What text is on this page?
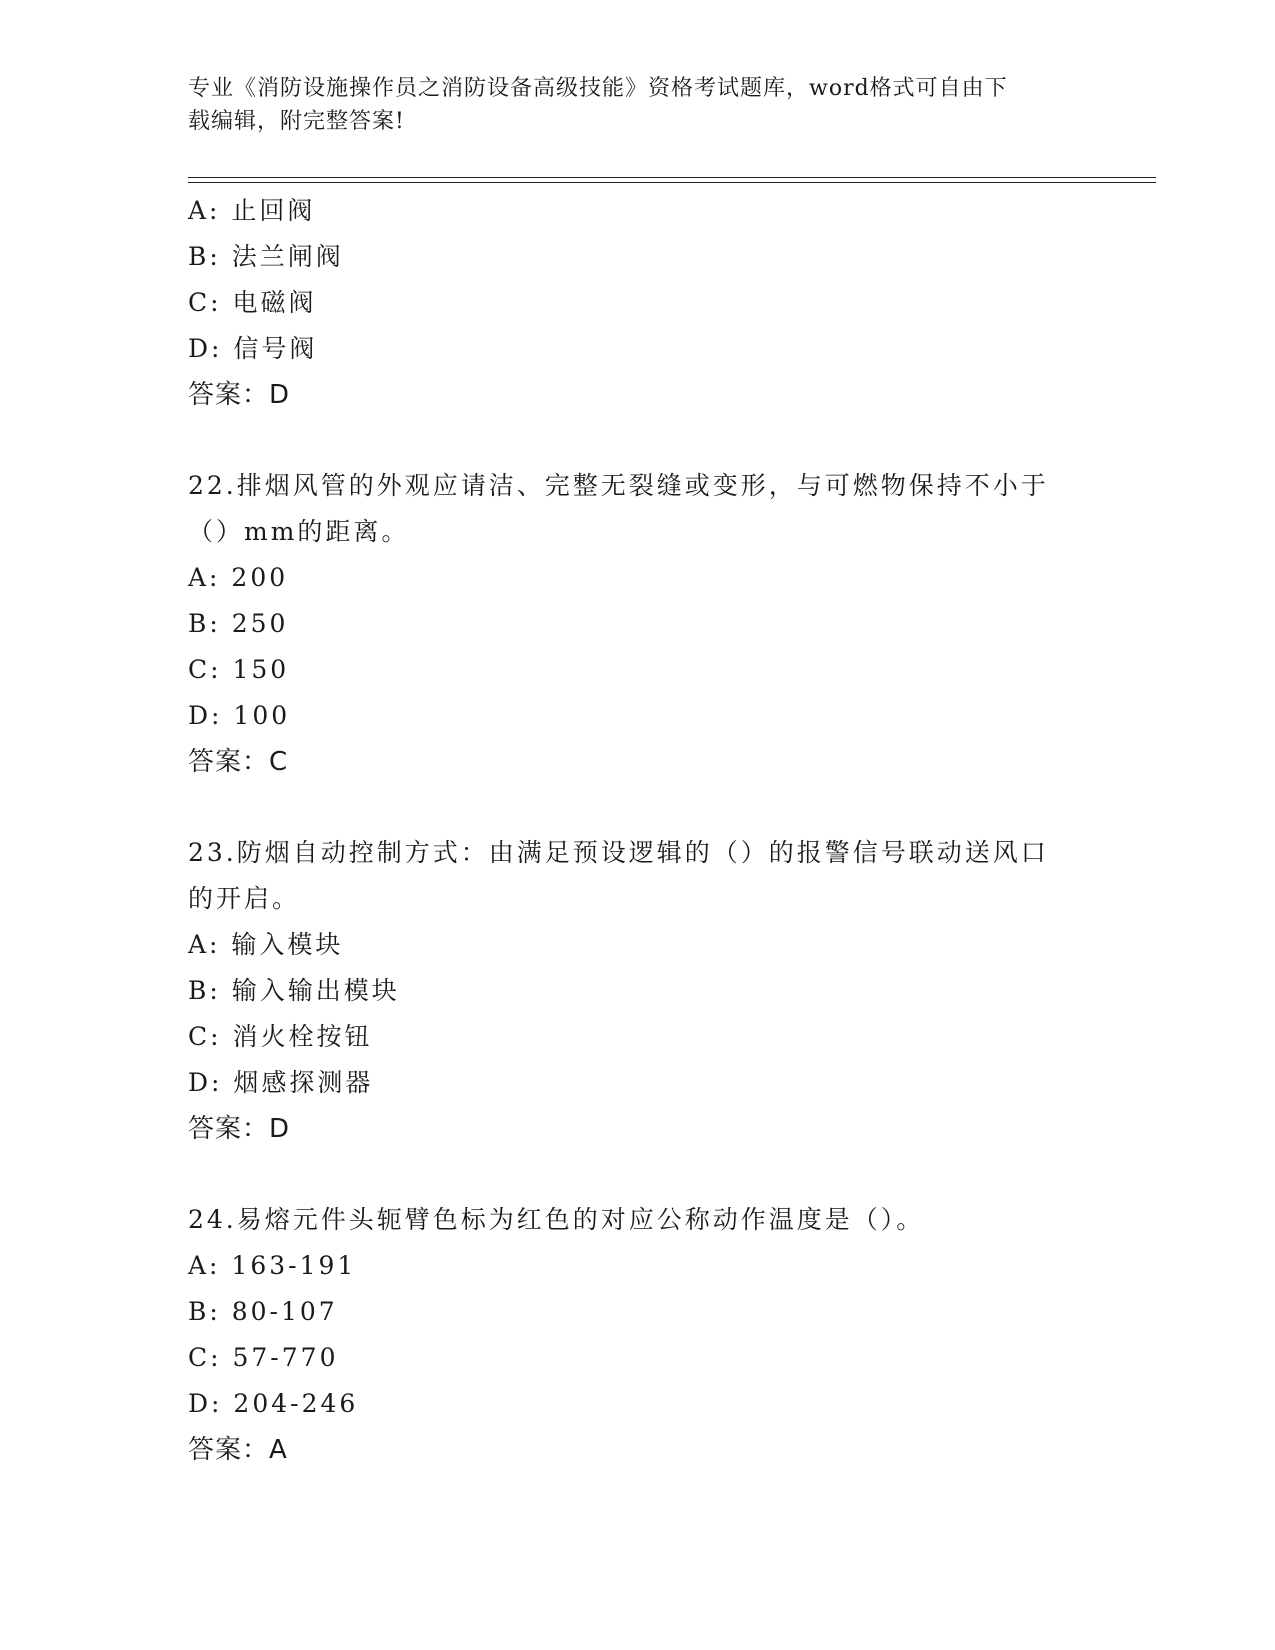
专业《消防设施操作员之消防设备高级技能》资格考试题库，word格式可自由下
载编辑，附完整答案!
A: 止回阀
B: 法兰闸阀
C: 电磁阀
D: 信号阀
答案：D
22.排烟风管的外观应请洁、完整无裂缝或变形，与可燃物保持不小于
（）mm的距离。
A: 200
B: 250
C: 150
D: 100
答案：C
23.防烟自动控制方式：由满足预设逻辑的（）的报警信号联动送风口
的开启。
A: 输入模块
B: 输入输出模块
C: 消火栓按钮
D: 烟感探测器
答案：D
24.易熔元件头轭臂色标为红色的对应公称动作温度是（）。
A: 163-191
B: 80-107
C: 57-770
D: 204-246
答案：A
